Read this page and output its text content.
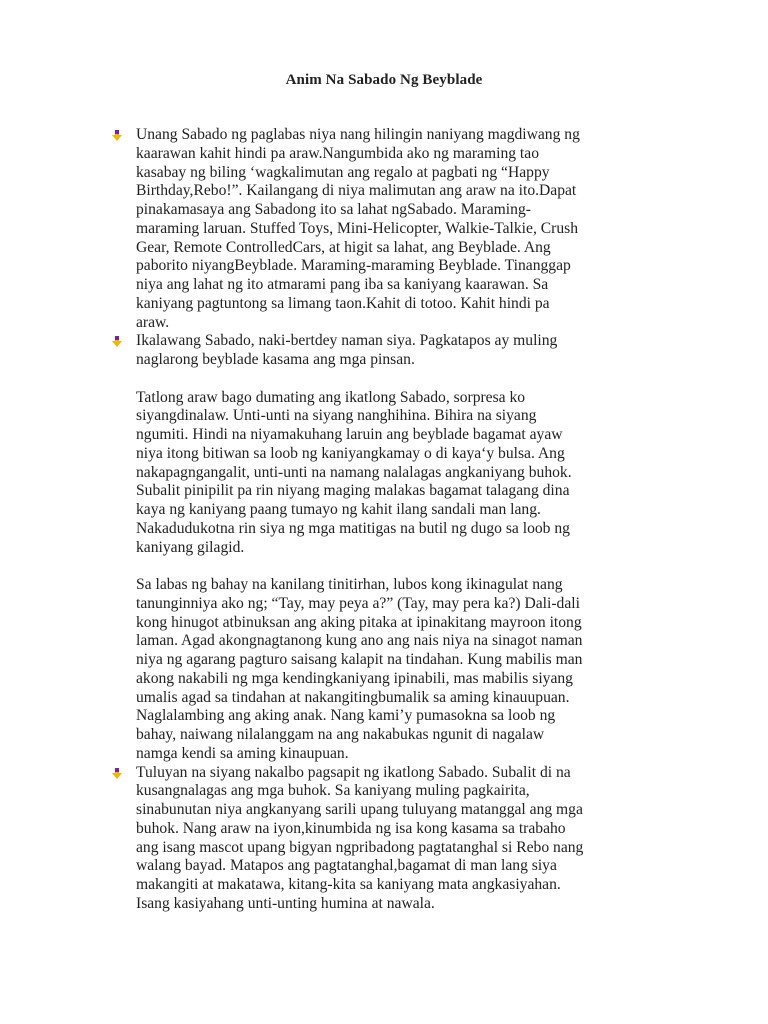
Anim Na Sabado Ng Beyblade
Unang Sabado ng paglabas niya nang hilingin naniyang magdiwang ng
kaarawan kahit hindi pa araw.Nangumbida ako ng maraming tao
kasabay ng biling ‘wagkalimutan ang regalo at pagbati ng “Happy
Birthday,Rebo!”. Kailangang di niya malimutan ang araw na ito.Dapat
pinakamasaya ang Sabadong ito sa lahat ngSabado. Maraming-
maraming laruan. Stuffed Toys, Mini-Helicopter, Walkie-Talkie, Crush
Gear, Remote ControlledCars, at higit sa lahat, ang Beyblade. Ang
paborito niyangBeyblade. Maraming-maraming Beyblade. Tinanggap
niya ang lahat ng ito atmarami pang iba sa kaniyang kaarawan. Sa
kaniyang pagtuntong sa limang taon.Kahit di totoo. Kahit hindi pa
araw.
Ikalawang Sabado, naki-bertdey naman siya. Pagkatapos ay muling
naglarong beyblade kasama ang mga pinsan.
Tatlong araw bago dumating ang ikatlong Sabado, sorpresa ko
siyangdinalaw. Unti-unti na siyang nanghihina. Bihira na siyang
ngumiti. Hindi na niyamakuhang laruin ang beyblade bagamat ayaw
niya itong bitiwan sa loob ng kaniyangkamay o di kaya‘y bulsa. Ang
nakapagngangalit, unti-unti na namang nalalagas angkaniyang buhok.
Subalit pinipilit pa rin niyang maging malakas bagamat talagang dina
kaya ng kaniyang paang tumayo ng kahit ilang sandali man lang.
Nakadudukotna rin siya ng mga matitigas na butil ng dugo sa loob ng
kaniyang gilagid.
Sa labas ng bahay na kanilang tinitirhan, lubos kong ikinagulat nang
tanunginniya ako ng; “Tay, may peya a?” (Tay, may pera ka?) Dali-dali
kong hinugot atbinuksan ang aking pitaka at ipinakitang mayroon itong
laman. Agad akongnagtanong kung ano ang nais niya na sinagot naman
niya ng agarang pagturo saisang kalapit na tindahan. Kung mabilis man
akong nakabili ng mga kendingkaniyang ipinabili, mas mabilis siyang
umalis agad sa tindahan at nakangitingbumalik sa aming kinauupuan.
Naglalambing ang aking anak. Nang kami’y pumasokna sa loob ng
bahay, naiwang nilalanggam na ang nakabukas ngunit di nagalaw
namga kendi sa aming kinaupuan.
Tuluyan na siyang nakalbo pagsapit ng ikatlong Sabado. Subalit di na
kusangnalagas ang mga buhok. Sa kaniyang muling pagkairita,
sinabunutan niya angkanyang sarili upang tuluyang matanggal ang mga
buhok. Nang araw na iyon,kinumbida ng isa kong kasama sa trabaho
ang isang mascot upang bigyan ngpribadong pagtatanghal si Rebo nang
walang bayad. Matapos ang pagtatanghal,bagamat di man lang siya
makangiti at makatawa, kitang-kita sa kaniyang mata angkasiyahan.
Isang kasiyahang unti-unting humina at nawala.
